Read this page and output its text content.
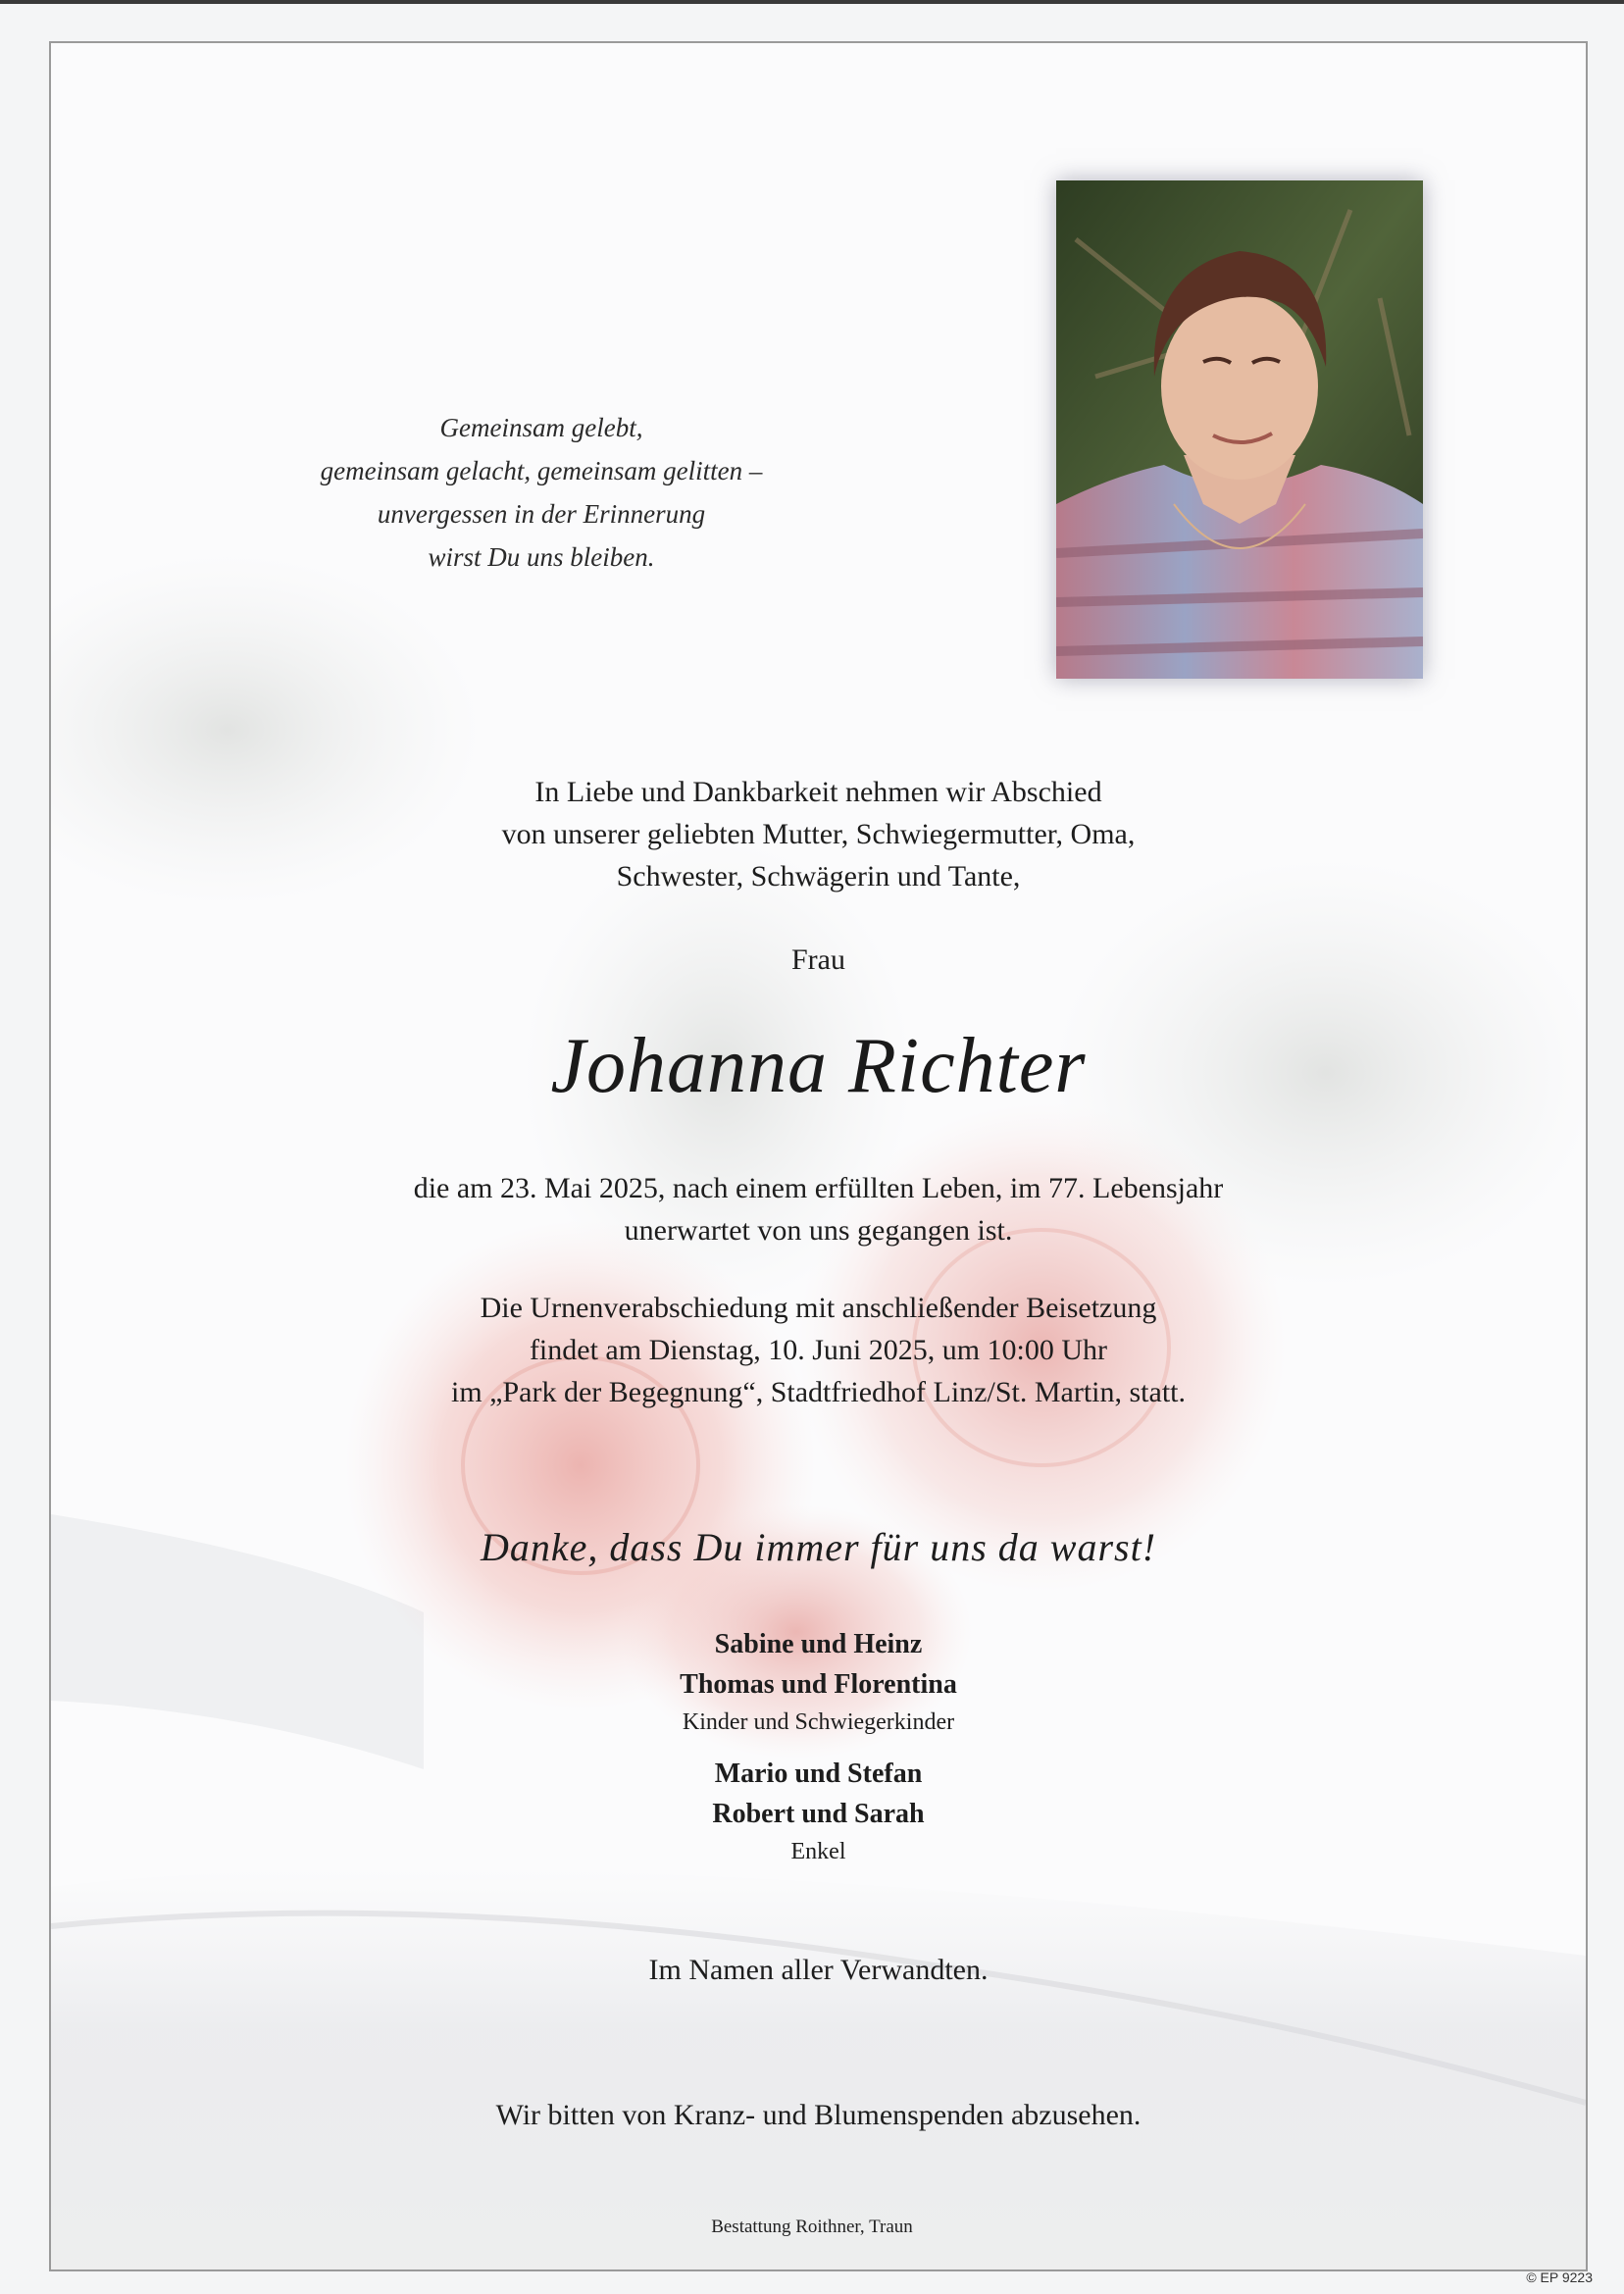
Gemeinsam gelebt,
gemeinsam gelacht, gemeinsam gelitten –
unvergessen in der Erinnerung
wirst Du uns bleiben.
In Liebe und Dankbarkeit nehmen wir Abschied
von unserer geliebten Mutter, Schwiegermutter, Oma,
Schwester, Schwägerin und Tante,
Frau
Johanna Richter
die am 23. Mai 2025, nach einem erfüllten Leben, im 77. Lebensjahr
unerwartet von uns gegangen ist.
Die Urnenverabschiedung mit anschließender Beisetzung
findet am Dienstag, 10. Juni 2025, um 10:00 Uhr
im „Park der Begegnung“, Stadtfriedhof Linz/St. Martin, statt.
Danke, dass Du immer für uns da warst!
Sabine und Heinz
Thomas und Florentina
Kinder und Schwiegerkinder
Mario und Stefan
Robert und Sarah
Enkel
Im Namen aller Verwandten.
Wir bitten von Kranz- und Blumenspenden abzusehen.
Bestattung Roithner, Traun
© EP 9223
